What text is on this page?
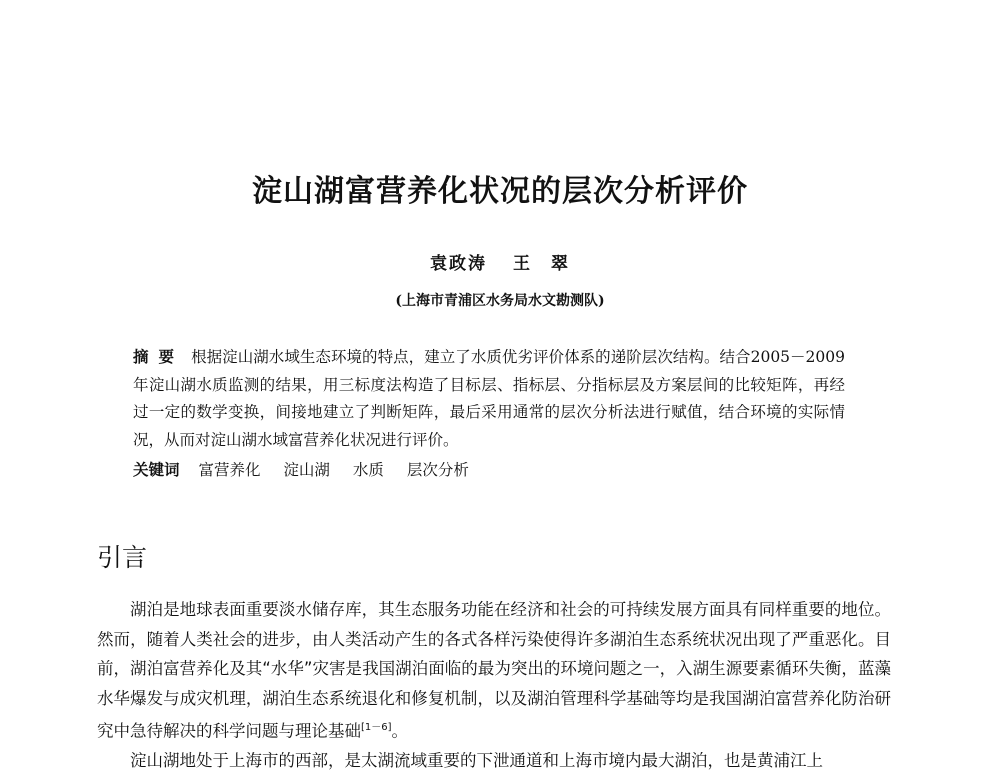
淀山湖富营养化状况的层次分析评价
袁政涛 王　翠
(上海市青浦区水务局水文勘测队)
摘要 根据淀山湖水域生态环境的特点，建立了水质优劣评价体系的递阶层次结构。结合2005－2009年淀山湖水质监测的结果，用三标度法构造了目标层、指标层、分指标层及方案层间的比较矩阵，再经过一定的数学变换，间接地建立了判断矩阵，最后采用通常的层次分析法进行赋值，结合环境的实际情况，从而对淀山湖水域富营养化状况进行评价。
关键词 富营养化 淀山湖 水质 层次分析
引言

湖泊是地球表面重要淡水储存库，其生态服务功能在经济和社会的可持续发展方面具有同样重要的地位。然而，随着人类社会的进步，由人类活动产生的各式各样污染使得许多湖泊生态系统状况出现了严重恶化。目前，湖泊富营养化及其“水华”灾害是我国湖泊面临的最为突出的环境问题之一，入湖生源要素循环失衡，蓝藻水华爆发与成灾机理，湖泊生态系统退化和修复机制，以及湖泊管理科学基础等均是我国湖泊富营养化防治研究中急待解决的科学问题与理论基础[1－6]。

淀山湖地处于上海市的西部，是太湖流域重要的下泄通道和上海市境内最大湖泊，也是黄浦江上
